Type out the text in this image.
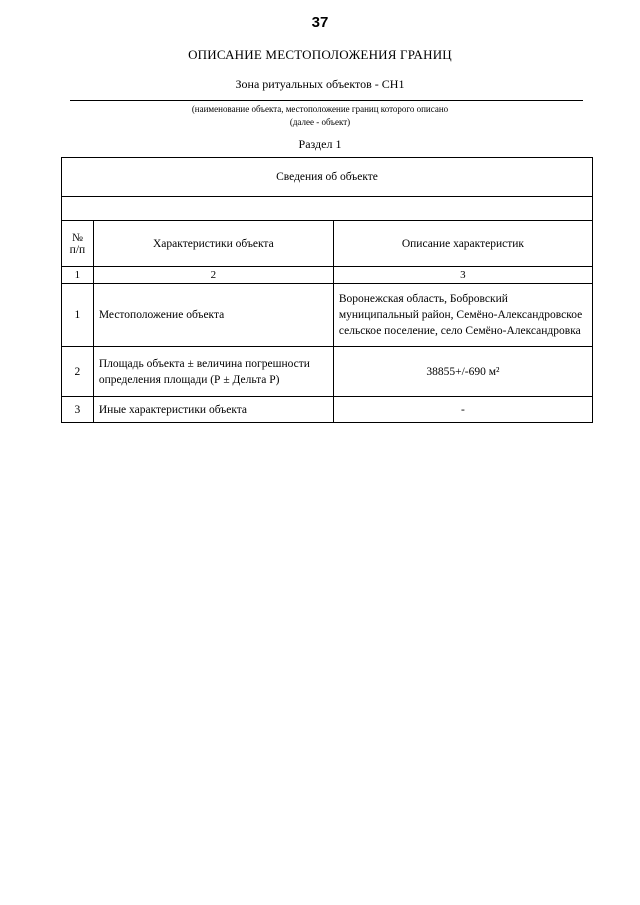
37
ОПИСАНИЕ МЕСТОПОЛОЖЕНИЯ ГРАНИЦ
Зона ритуальных объектов - СН1
(наименование объекта, местоположение границ которого описано
(далее - объект)
Раздел 1
Сведения об объекте		

№ п/п	Характеристики объекта	Описание характеристик
1	2	3
1	Местоположение объекта	Воронежская область, Бобровский муниципальный район, Семёно-Александровское сельское поселение, село Семёно-Александровка
2	Площадь объекта ± величина погрешности определения площади (Р ± Дельта Р)	38855+/-690 м²
3	Иные характеристики объекта	-
